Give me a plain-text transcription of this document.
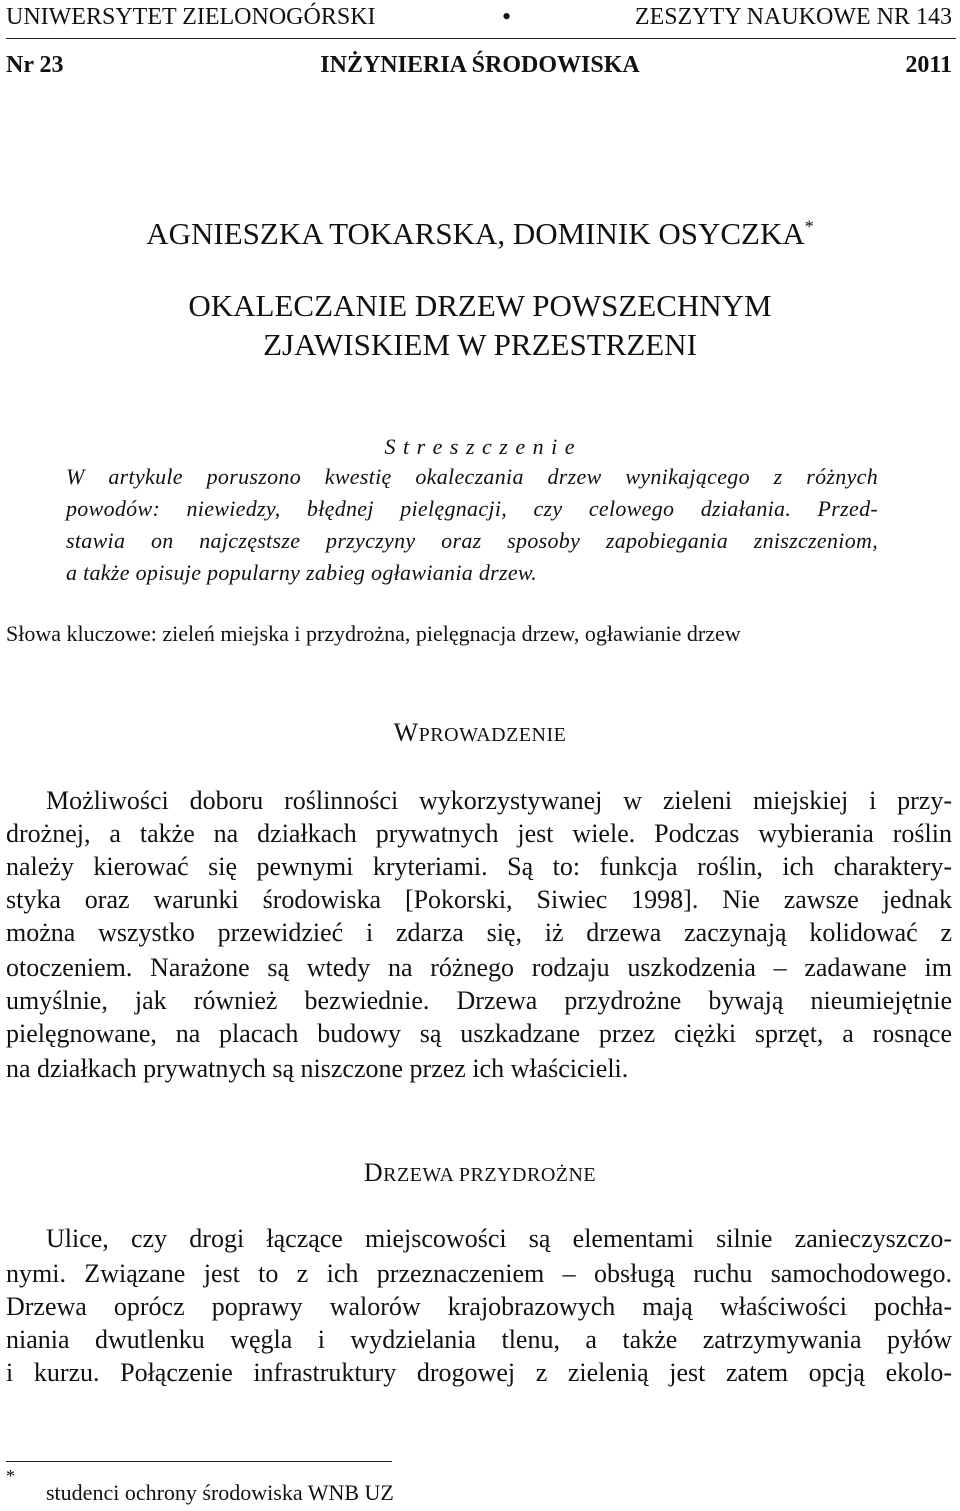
UNIWERSYTET ZIELONOGÓRSKI	•	ZESZYTY NAUKOWE NR 143
Nr 23	INŻYNIERIA ŚRODOWISKA	2011
AGNIESZKA TOKARSKA, DOMINIK OSYCZKA*
OKALECZANIE DRZEW POWSZECHNYM
ZJAWISKIEM W PRZESTRZENI
S t r e s z c z e n i e
W artykule poruszono kwestię okaleczania drzew wynikającego z różnych
powodów: niewiedzy, błędnej pielęgnacji, czy celowego działania. Przed-
stawia on najczęstsze przyczyny oraz sposoby zapobiegania zniszczeniom,
a także opisuje popularny zabieg ogławiania drzew.
Słowa kluczowe: zieleń miejska i przydrożna, pielęgnacja drzew, ogławianie drzew
WPROWADZENIE
Możliwości doboru roślinności wykorzystywanej w zieleni miejskiej i przy-
drożnej, a także na działkach prywatnych jest wiele. Podczas wybierania roślin
należy kierować się pewnymi kryteriami. Są to: funkcja roślin, ich charaktery-
styka oraz warunki środowiska [Pokorski, Siwiec 1998]. Nie zawsze jednak
można wszystko przewidzieć i zdarza się, iż drzewa zaczynają kolidować z
otoczeniem. Narażone są wtedy na różnego rodzaju uszkodzenia – zadawane im
umyślnie, jak również bezwiednie. Drzewa przydrożne bywają nieumiejętnie
pielęgnowane, na placach budowy są uszkadzane przez ciężki sprzęt, a rosnące
na działkach prywatnych są niszczone przez ich właścicieli.
DRZEWA PRZYDROŻNE
Ulice, czy drogi łączące miejscowości są elementami silnie zanieczyszczo-
nymi. Związane jest to z ich przeznaczeniem – obsługą ruchu samochodowego.
Drzewa oprócz poprawy walorów krajobrazowych mają właściwości pochła-
niania dwutlenku węgla i wydzielania tlenu, a także zatrzymywania pyłów
i kurzu. Połączenie infrastruktury drogowej z zielenią jest zatem opcją ekolo-
*
studenci ochrony środowiska WNB UZ
